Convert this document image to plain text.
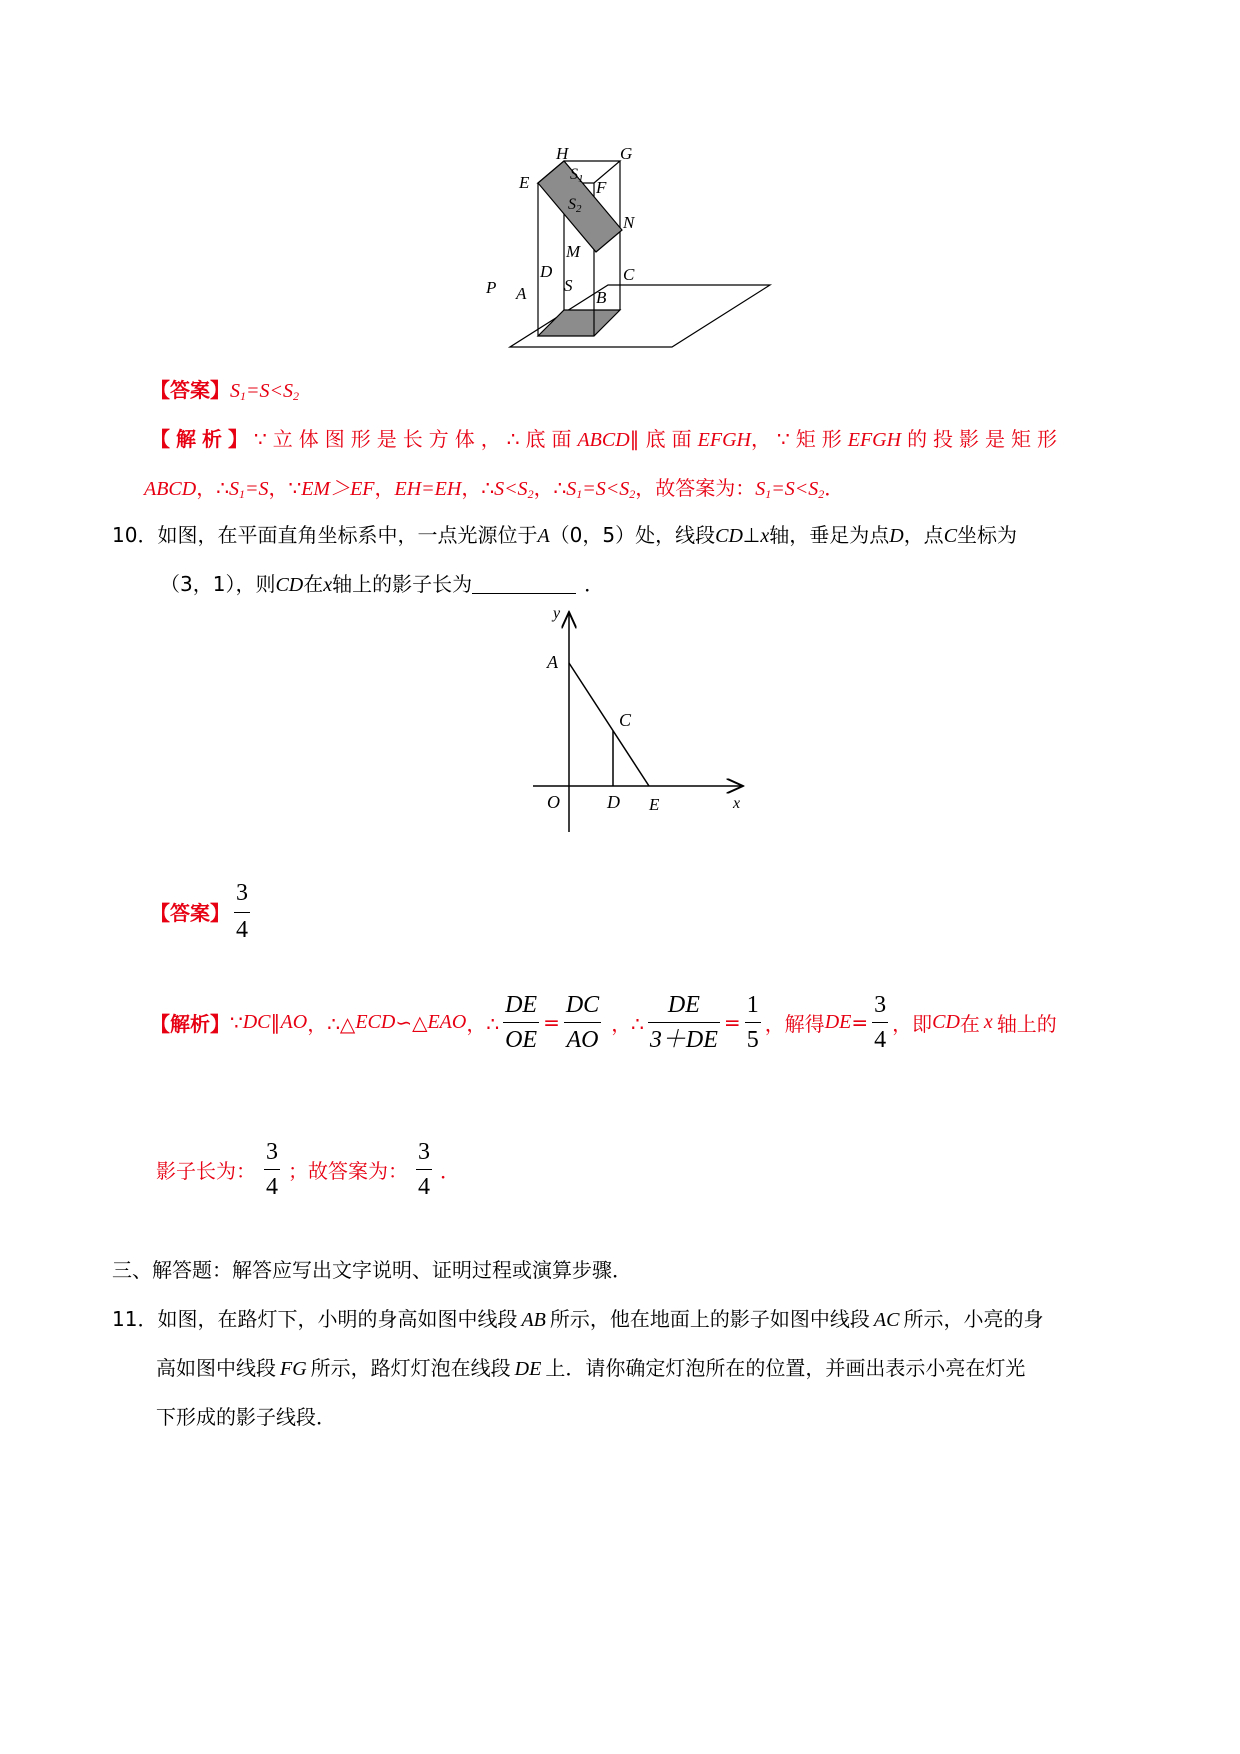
H	G
E	S1 F
S2
N
M
D	C
S
A	B
P
【答案】$S_1=S<S_2$
【解析】∵立体图形是长方体，∴底面ABCD∥底面EFGH，∵矩形EFGH 的投影是矩形
ABCD，$\therefore S_1=S$，∵EM＞EF，EH=EH，$\therefore S<S_2$，$\therefore S_1=S<S_2$，故答案为：$S_1=S<S_2$．
10．如图，在平面直角坐标系中，一点光源位于A（0，5）处，线段CD⊥x轴，垂足为点D，点C坐标为
（3，1），则CD在x轴上的影子长为	．
y
A
C
O	D E	x
【答案】 $\frac{3}{4}$
【解析】∵DC∥AO，∴△ECD∽△EAO，∴ $\frac{DE}{OE} = \frac{DC}{AO}$ ，∴ $\frac{DE}{3+DE} = \frac{1}{5}$ ，解得$DE= \frac{3}{4}$ ，即CD在 x 轴上的
影子长为： $\frac{3}{4}$ ；故答案为： $\frac{3}{4}$ ．
三、解答题：解答应写出文字说明、证明过程或演算步骤．
11．如图，在路灯下，小明的身高如图中线段 AB 所示，他在地面上的影子如图中线段 AC 所示，小亮的身
高如图中线段 FG 所示，路灯灯泡在线段 DE 上．请你确定灯泡所在的位置，并画出表示小亮在灯光
下形成的影子线段．
